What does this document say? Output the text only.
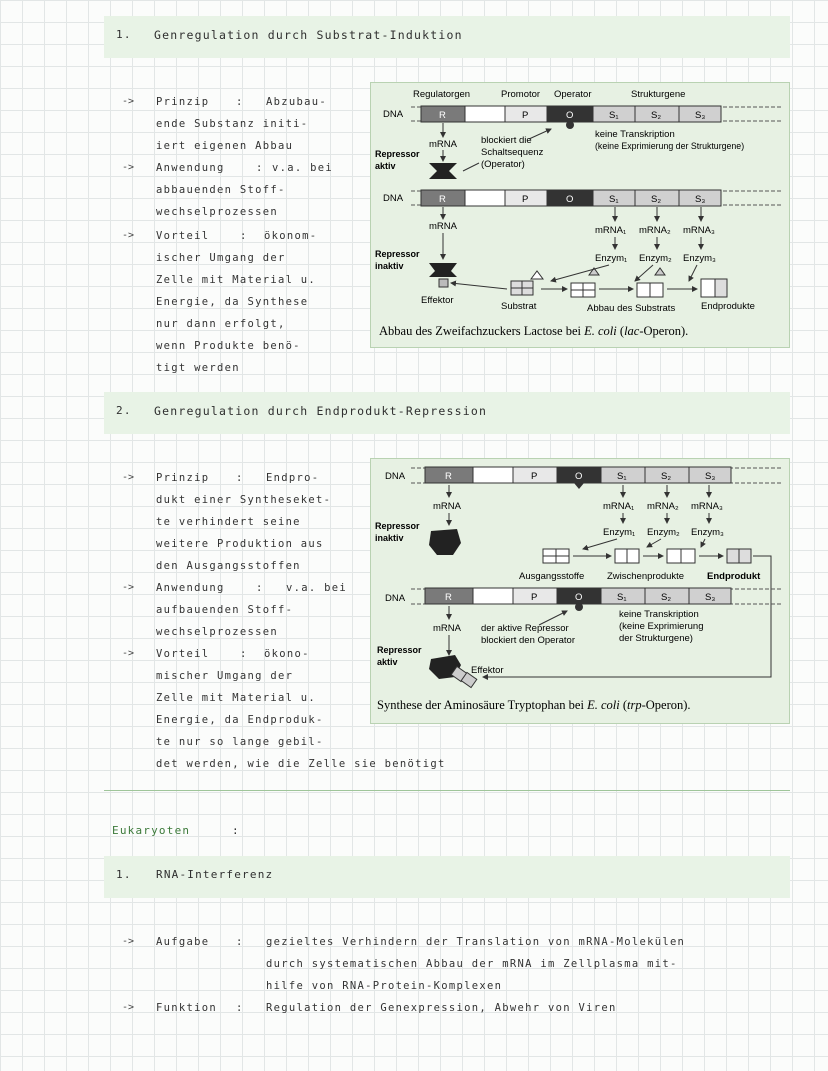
1. Genregulation durch Substrat-Induktion
-> Prinzip	: Abzubau-
ende Substanz initi-
iert eigenen Abbau
-> Anwendung	: v.a. bei
abbauenden Stoff-
wechselprozessen
-> Vorteil	: ökonom-
ischer Umgang der
Zelle mit Material u.
Energie, da Synthese
nur dann erfolgt,
wenn Produkte benö-
tigt werden
Regulatorgen	Promotor Operator	Strukturgene
DNA	R	P	O	S₁	S₂	S₃
mRNA
Repressor
aktiv
blockiert die
Schaltsequenz
(Operator)
keine Transkription
(keine Exprimierung der Strukturgene)
DNA	R	P	O	S₁	S₂	S₃
mRNA
Repressor
inaktiv
Effektor
mRNA₁ mRNA₂ mRNA₃
Enzym₁ Enzym₂ Enzym₃
Substrat	Abbau des Substrats	Endprodukte
Abbau des Zweifachzuckers Lactose bei E. coli (lac-Operon).
2. Genregulation durch Endprodukt-Repression
-> Prinzip	: Endpro-
dukt einer Syntheseket-
te verhindert seine
weitere Produktion aus
den Ausgangsstoffen
-> Anwendung	: v.a. bei
aufbauenden Stoff-
wechselprozessen
-> Vorteil	: ökono-
mischer Umgang der
Zelle mit Material u.
Energie, da Endproduk-
te nur so lange gebil-
det werden, wie die Zelle sie benötigt
DNA	R	P	O	S₁	S₂	S₃
mRNA
Repressor
inaktiv
mRNA₁ mRNA₂ mRNA₃
Enzym₁ Enzym₂ Enzym₃
Ausgangsstoffe Zwischenprodukte Endprodukt
DNA	R	P	O	S₁	S₂	S₃
mRNA der aktive Repressor
blockiert den Operator
keine Transkription
(keine Exprimierung
der Strukturgene)
Repressor
aktiv
Effektor
Synthese der Aminosäure Tryptophan bei E. coli (trp-Operon).
Eukaryoten	:
1. RNA-Interferenz
-> Aufgabe	: gezieltes Verhindern der Translation von mRNA-Molekülen
durch systematischen Abbau der mRNA im Zellplasma mit-
hilfe von RNA-Protein-Komplexen
-> Funktion : Regulation der Genexpression, Abwehr von Viren
